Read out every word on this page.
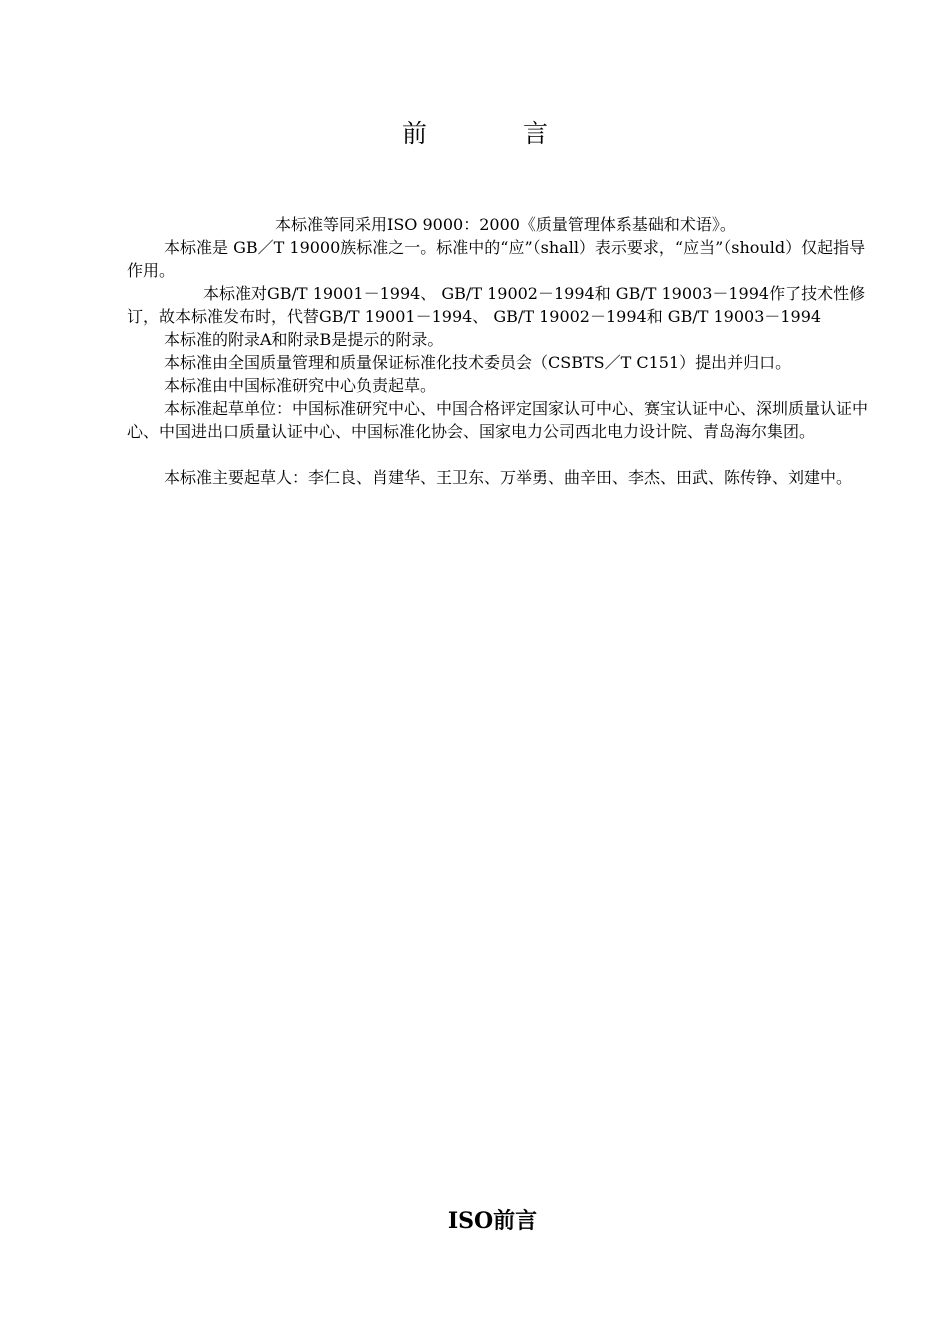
前 言

本标准等同采用ISO 9000：2000《质量管理体系基础和术语》。

本标准是 GB／T 19000族标准之一。标准中的“应”（shall）表示要求，“应当”（should）仅起指导作用。

本标准对GB/T 19001－1994、 GB/T 19002－1994和 GB/T 19003－1994作了技术性修订，故本标准发布时，代替GB/T 19001－1994、 GB/T 19002－1994和 GB/T 19003－1994

本标准的附录A和附录B是提示的附录。

本标准由全国质量管理和质量保证标准化技术委员会（CSBTS／T C151）提出并归口。

本标准由中国标准研究中心负责起草。

本标准起草单位：中国标准研究中心、中国合格评定国家认可中心、赛宝认证中心、深圳质量认证中心、中国进出口质量认证中心、中国标准化协会、国家电力公司西北电力设计院、青岛海尔集团。

本标准主要起草人：李仁良、肖建华、王卫东、万举勇、曲辛田、李杰、田武、陈传铮、刘建中。

ISO前言
